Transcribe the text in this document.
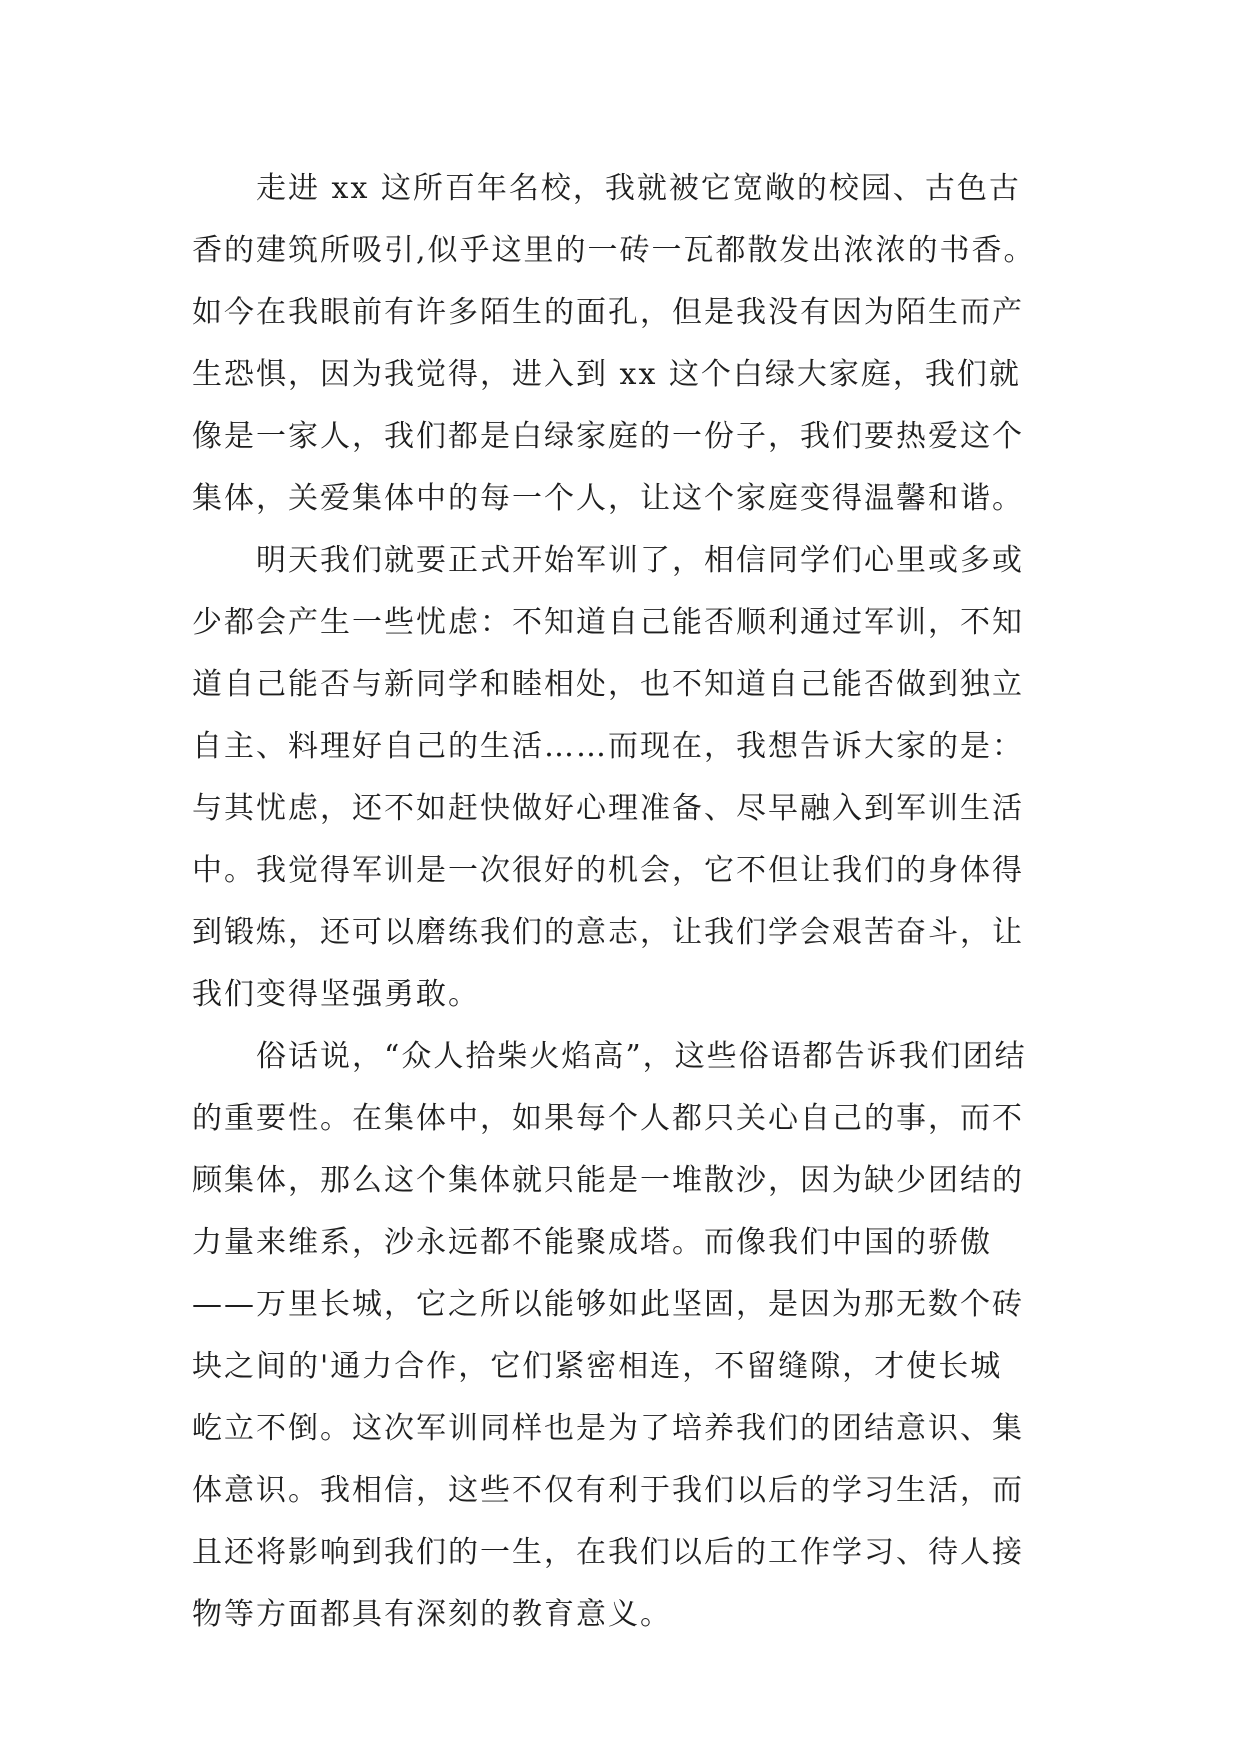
走进 xx 这所百年名校，我就被它宽敞的校园、古色古
香的建筑所吸引,似乎这里的一砖一瓦都散发出浓浓的书香。
如今在我眼前有许多陌生的面孔，但是我没有因为陌生而产
生恐惧，因为我觉得，进入到 xx 这个白绿大家庭，我们就
像是一家人，我们都是白绿家庭的一份子，我们要热爱这个
集体，关爱集体中的每一个人，让这个家庭变得温馨和谐。
明天我们就要正式开始军训了，相信同学们心里或多或
少都会产生一些忧虑：不知道自己能否顺利通过军训，不知
道自己能否与新同学和睦相处，也不知道自己能否做到独立
自主、料理好自己的生活……而现在，我想告诉大家的是：
与其忧虑，还不如赶快做好心理准备、尽早融入到军训生活
中。我觉得军训是一次很好的机会，它不但让我们的身体得
到锻炼，还可以磨练我们的意志，让我们学会艰苦奋斗，让
我们变得坚强勇敢。
俗话说，“众人拾柴火焰高”，这些俗语都告诉我们团结
的重要性。在集体中，如果每个人都只关心自己的事，而不
顾集体，那么这个集体就只能是一堆散沙，因为缺少团结的
力量来维系，沙永远都不能聚成塔。而像我们中国的骄傲
——万里长城，它之所以能够如此坚固，是因为那无数个砖
块之间的'通力合作，它们紧密相连，不留缝隙，才使长城
屹立不倒。这次军训同样也是为了培养我们的团结意识、集
体意识。我相信，这些不仅有利于我们以后的学习生活，而
且还将影响到我们的一生，在我们以后的工作学习、待人接
物等方面都具有深刻的教育意义。
